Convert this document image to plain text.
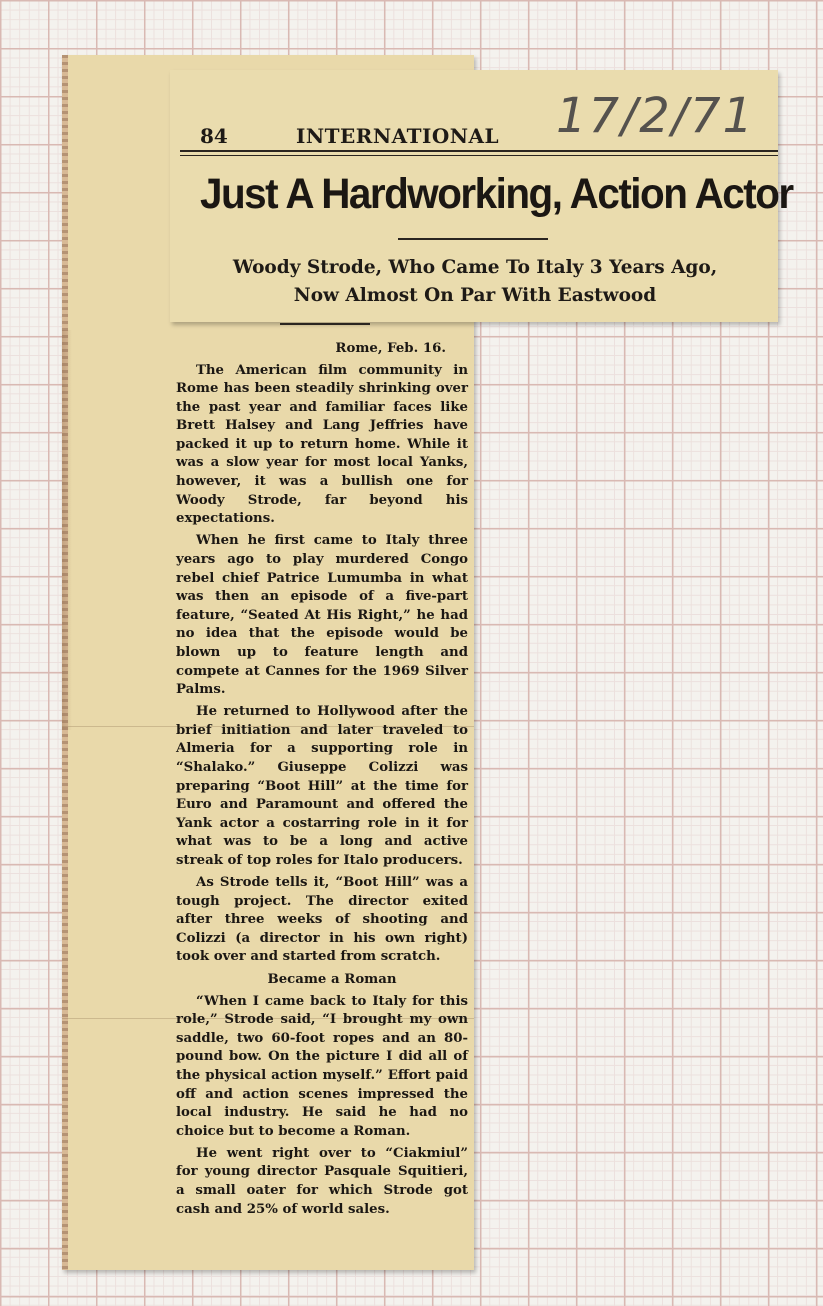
84	INTERNATIONAL 17/2/71
Just A Hardworking, Action Actor
Woody Strode, Who Came To Italy 3 Years Ago,
Now Almost On Par With Eastwood

Rome, Feb. 16.

The American film community in Rome has been steadily shrinking over the past year and familiar faces like Brett Halsey and Lang Jeffries have packed it up to return home. While it was a slow year for most local Yanks, however, it was a bullish one for Woody Strode, far beyond his expectations.

When he first came to Italy three years ago to play murdered Congo rebel chief Patrice Lumumba in what was then an episode of a five-part feature, “Seated At His Right,” he had no idea that the episode would be blown up to feature length and compete at Cannes for the 1969 Silver Palms.

He returned to Hollywood after the brief initiation and later traveled to Almeria for a supporting role in “Shalako.” Giuseppe Colizzi was preparing “Boot Hill” at the time for Euro and Paramount and offered the Yank actor a costarring role in it for what was to be a long and active streak of top roles for Italo producers.

As Strode tells it, “Boot Hill” was a tough project. The director exited after three weeks of shooting and Colizzi (a director in his own right) took over and started from scratch.

Became a Roman

“When I came back to Italy for this role,” Strode said, “I brought my own saddle, two 60-foot ropes and an 80-pound bow. On the picture I did all of the physical action myself.” Effort paid off and action scenes impressed the local industry. He said he had no choice but to become a Roman.

He went right over to “Ciakmiul” for young director Pasquale Squitieri, a small oater for which Strode got cash and 25% of world sales.
